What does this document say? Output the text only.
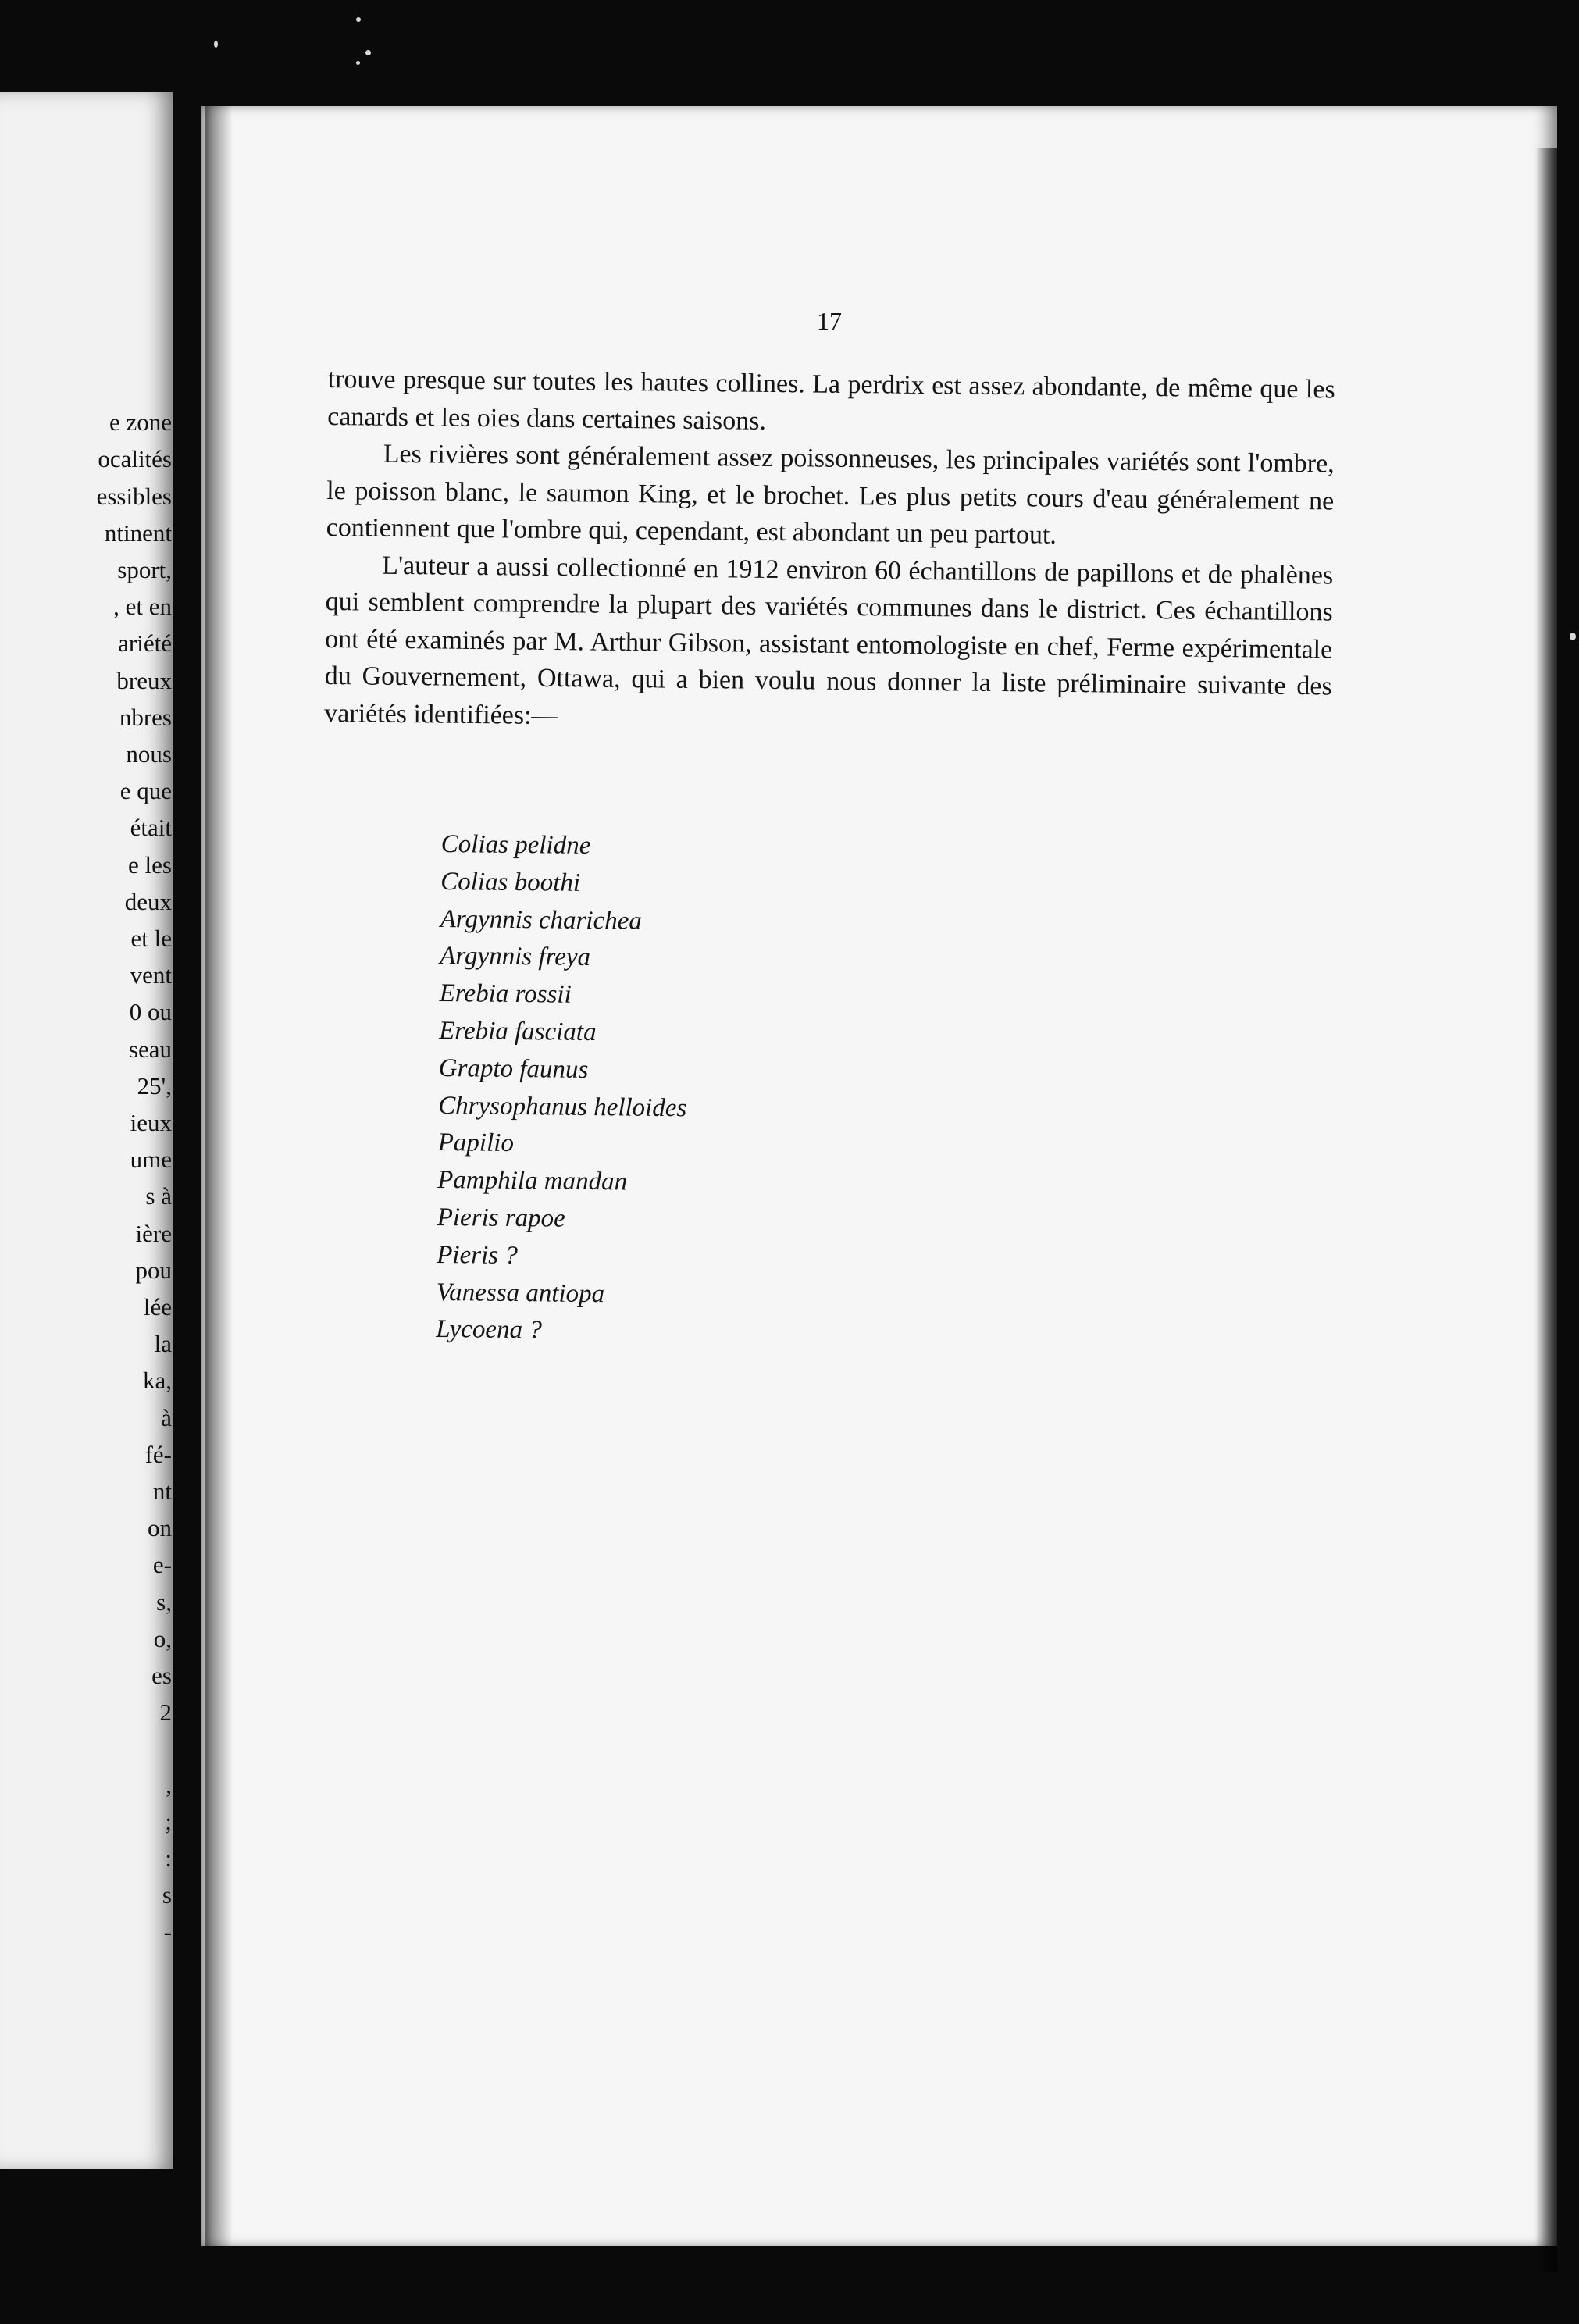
e zone
ocalités
essibles
ntinent
sport,
, et en
ariété
breux
nbres
nous
e que
était
e les
deux
et le
vent
0 ou
seau
25',
ieux
ume
s à
ière
pou
lée
la
ka,
à
fé-
nt
on
e-
s,
o,
es
2
,
;
:
s
-
17

trouve presque sur toutes les hautes collines. La perdrix est assez abondante, de même que les canards et les oies dans certaines saisons.

Les rivières sont généralement assez poissonneuses, les principales variétés sont l'ombre, le poisson blanc, le saumon King, et le brochet. Les plus petits cours d'eau généralement ne contiennent que l'ombre qui, cependant, est abondant un peu partout.

L'auteur a aussi collectionné en 1912 environ 60 échantillons de papillons et de phalènes qui semblent comprendre la plupart des variétés communes dans le district. Ces échantillons ont été examinés par M. Arthur Gibson, assistant entomologiste en chef, Ferme expérimentale du Gouvernement, Ottawa, qui a bien voulu nous donner la liste préliminaire suivante des variétés identifiées:—

Colias pelidne
Colias boothi
Argynnis charichea
Argynnis freya
Erebia rossii
Erebia fasciata
Grapto faunus
Chrysophanus helloides
Papilio
Pamphila mandan
Pieris rapoe
Pieris ?
Vanessa antiopa
Lycoena ?
